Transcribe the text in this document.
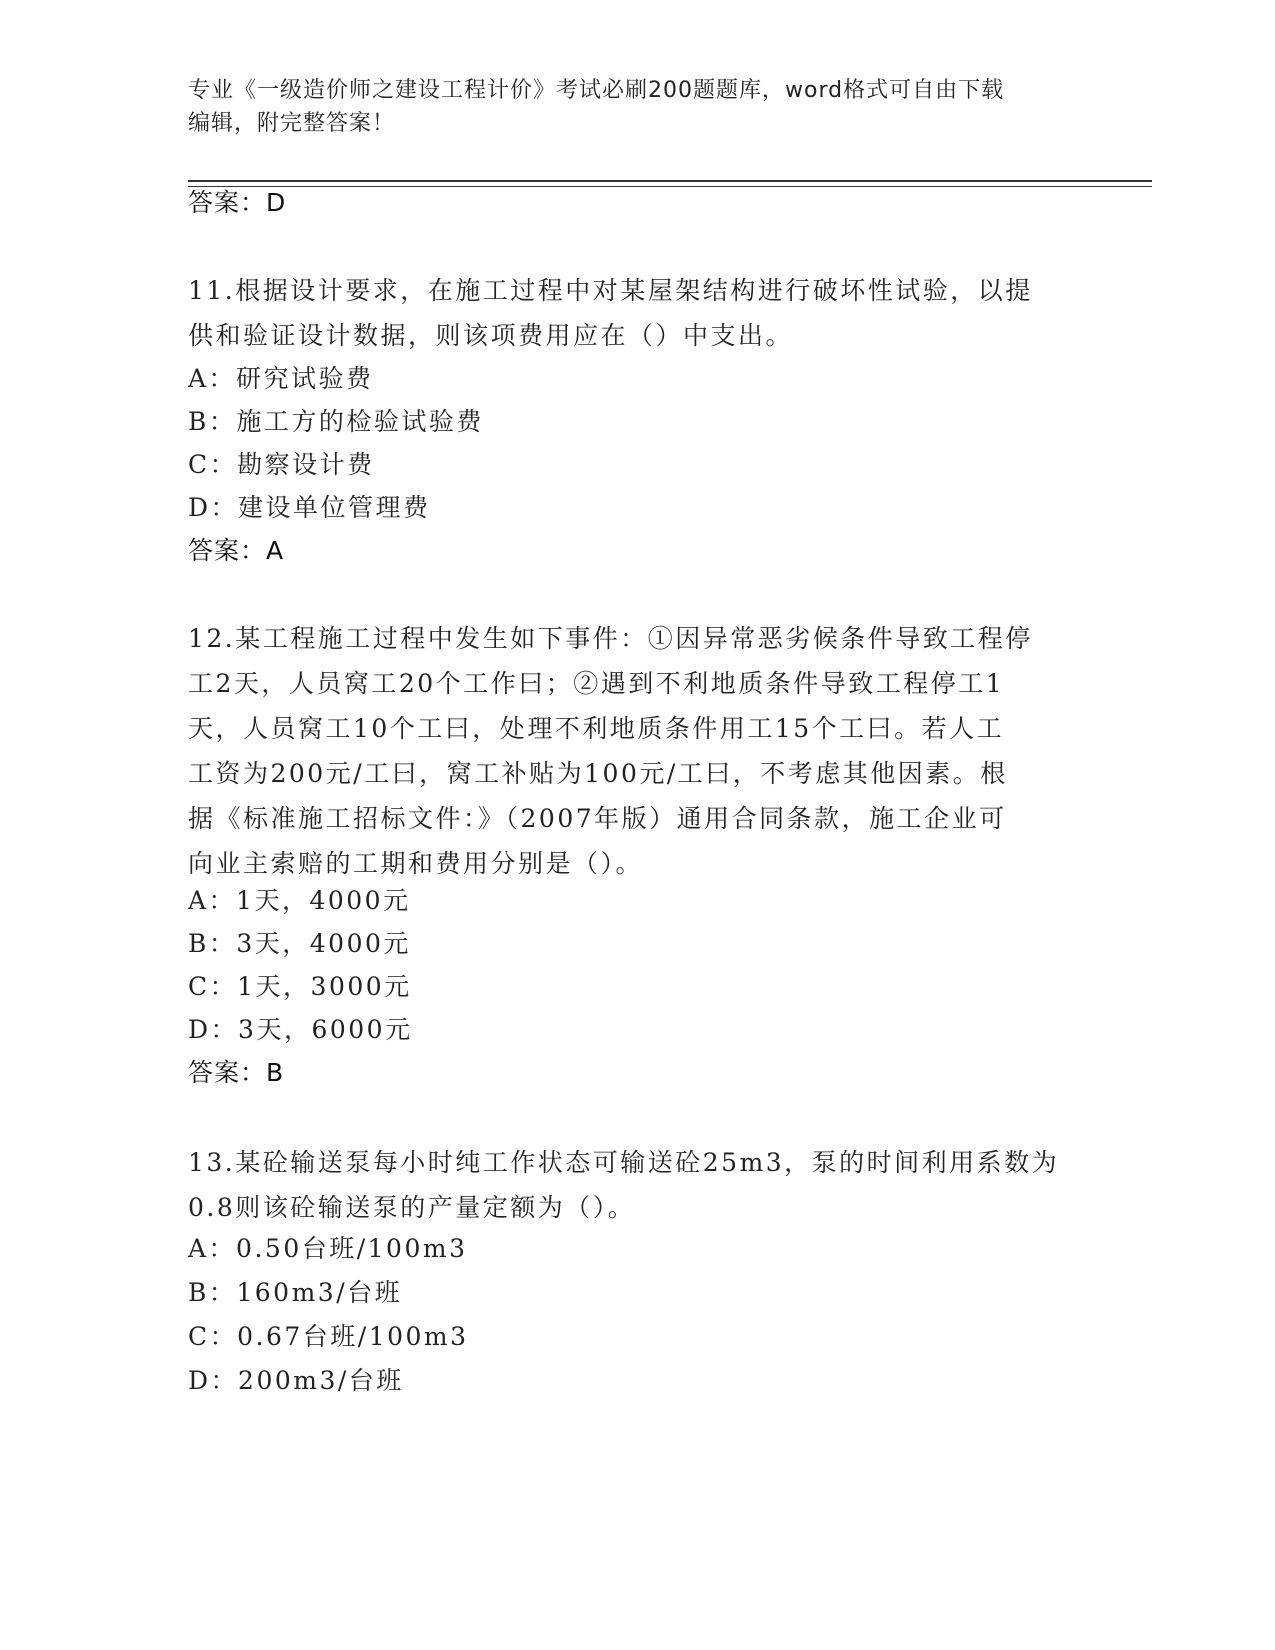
专业《一级造价师之建设工程计价》考试必刷200题题库，word格式可自由下载
编辑，附完整答案！
答案：D
11.根据设计要求，在施工过程中对某屋架结构进行破坏性试验，以提
供和验证设计数据，则该项费用应在（）中支出。
A：研究试验费
B：施工方的检验试验费
C：勘察设计费
D：建设单位管理费
答案：A
12.某工程施工过程中发生如下事件：①因异常恶劣候条件导致工程停
工2天，人员窝工20个工作曰；②遇到不利地质条件导致工程停工1
天，人员窝工10个工曰，处理不利地质条件用工15个工曰。若人工
工资为200元/工曰，窝工补贴为100元/工曰，不考虑其他因素。根
据《标准施工招标文件：》（2007年版）通用合同条款，施工企业可
向业主索赔的工期和费用分别是（）。
A：1天，4000元
B：3天，4000元
C：1天，3000元
D：3天，6000元
答案：B
13.某砼输送泵每小时纯工作状态可输送砼25m3，泵的时间利用系数为
0.8则该砼输送泵的产量定额为（）。
A：0.50台班/100m3
B：160m3/台班
C：0.67台班/100m3
D：200m3/台班
